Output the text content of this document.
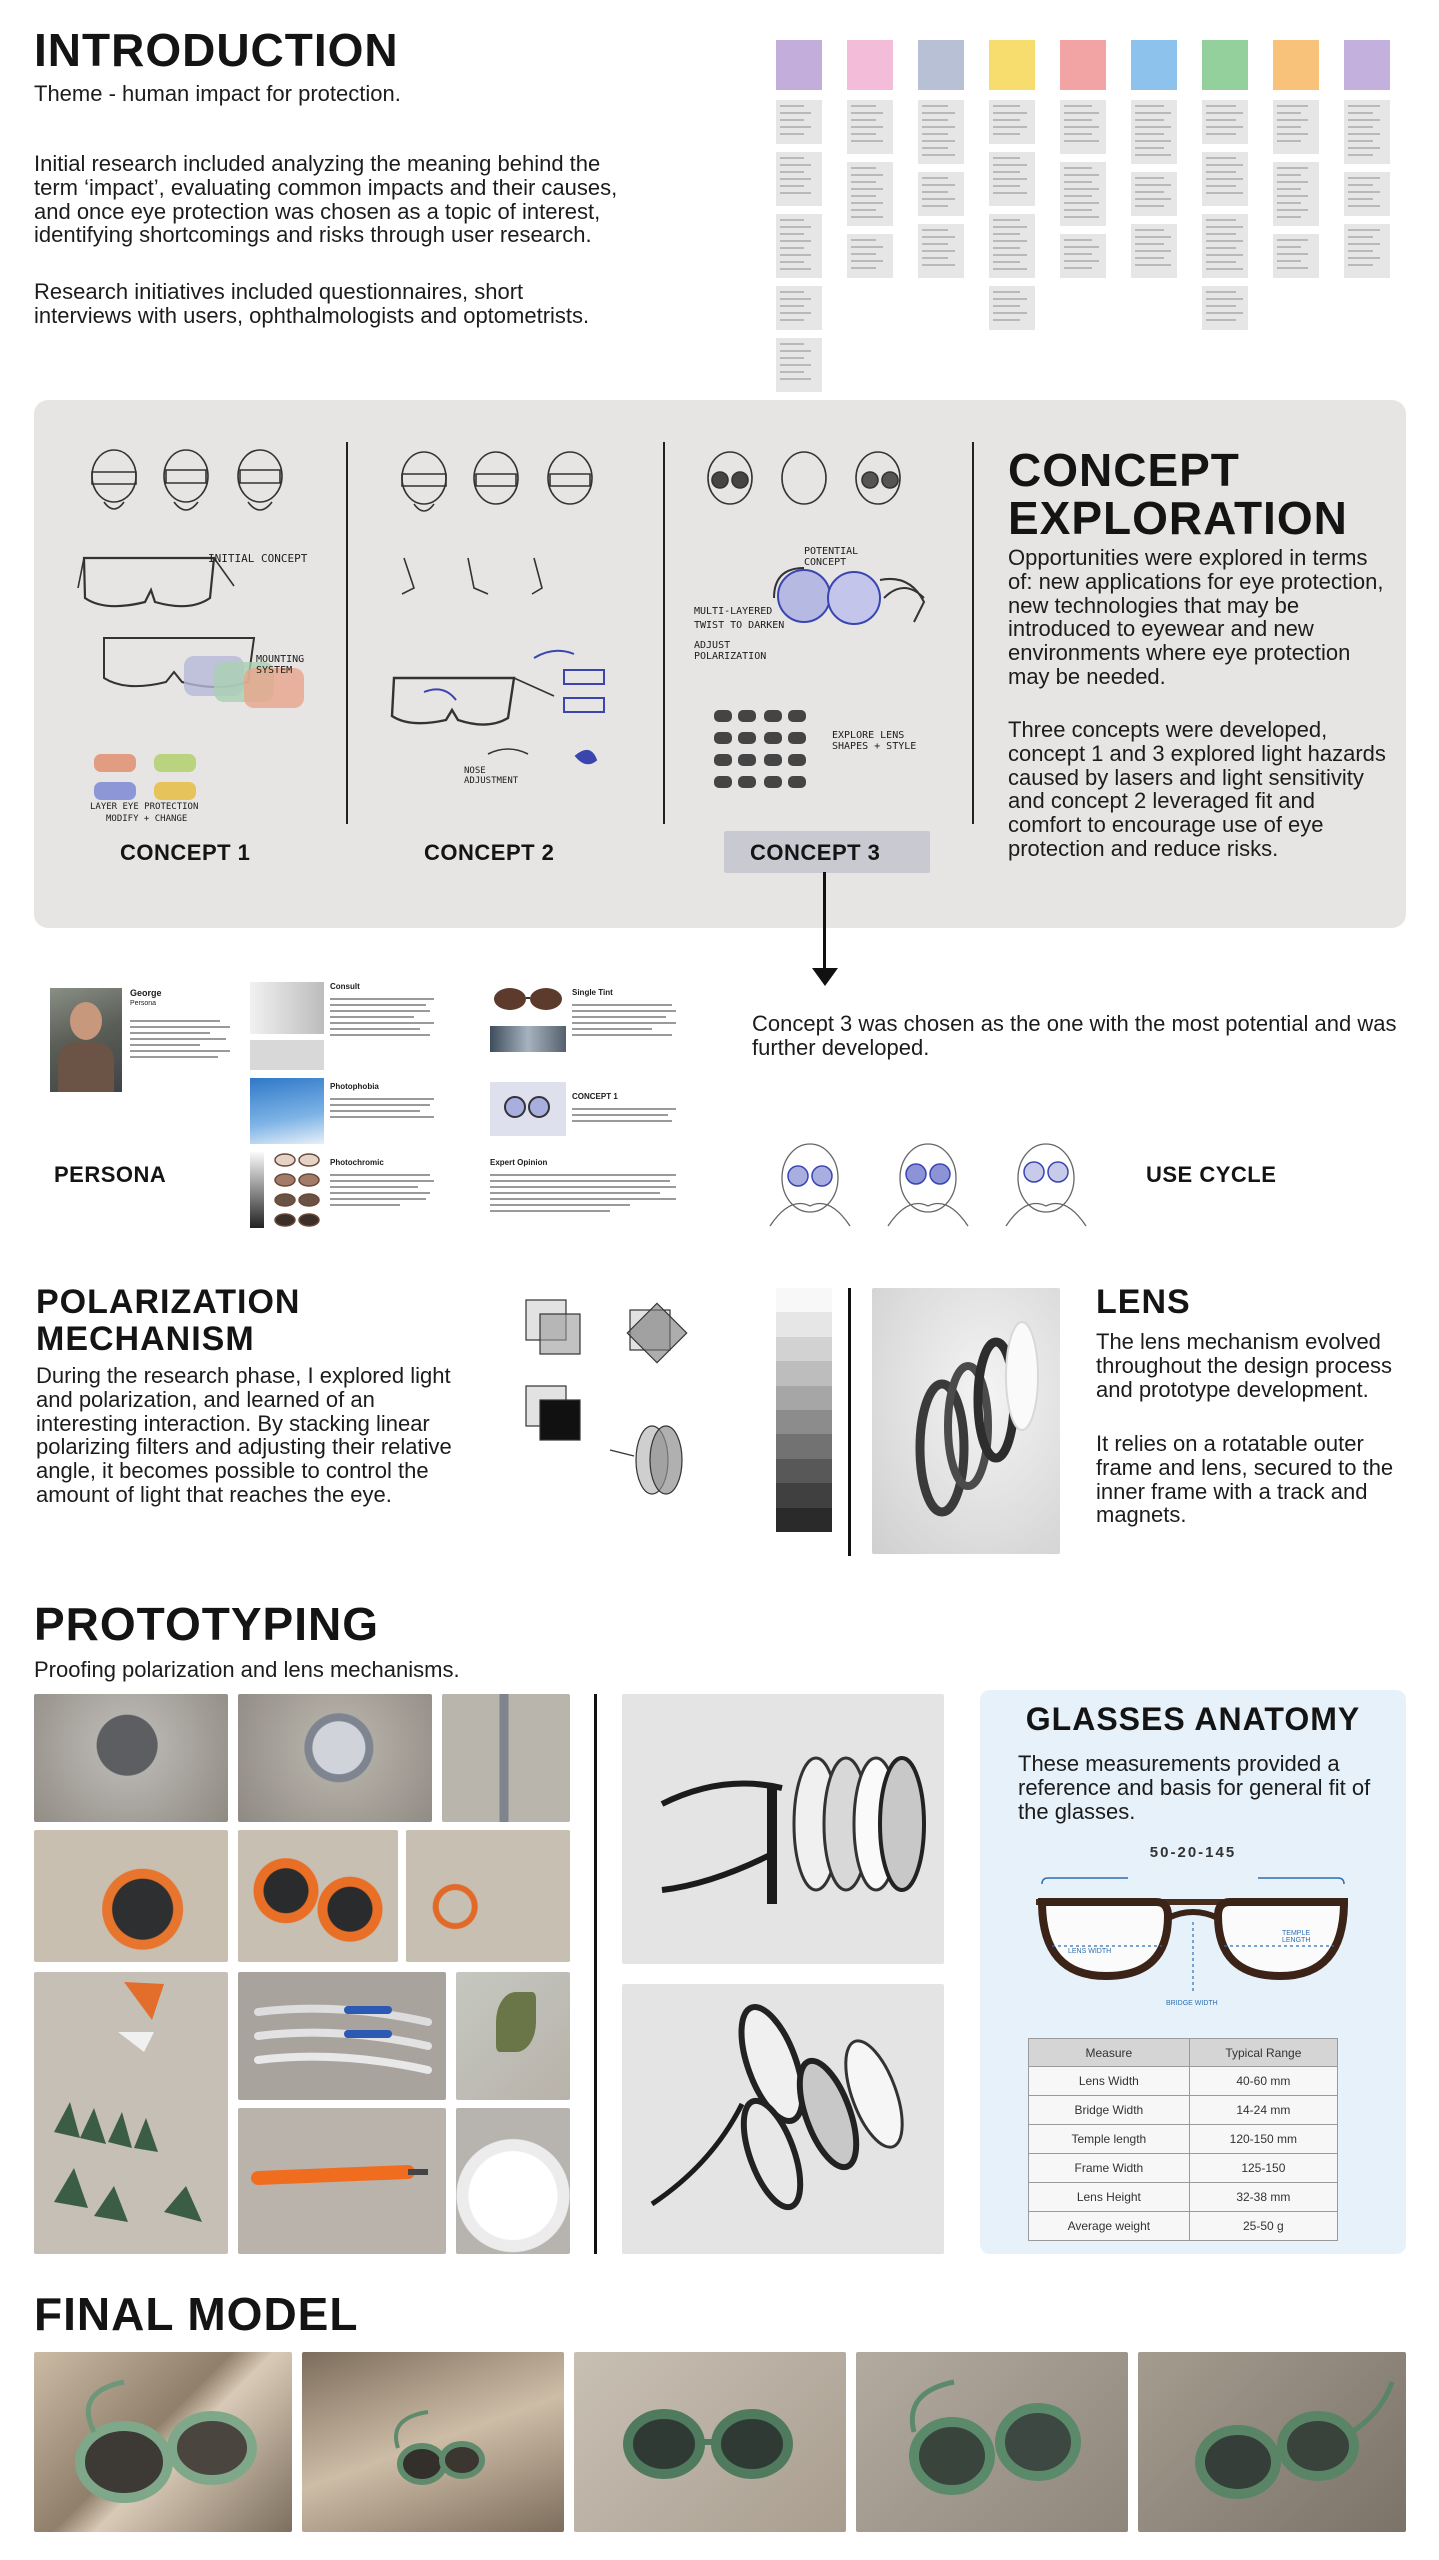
INTRODUCTION
Theme - human impact for protection.
Initial research included analyzing the meaning behind the term ‘impact’, evaluating common impacts and their causes, and once eye protection was chosen as a topic of interest, identifying shortcomings and risks through user research.
Research initiatives included questionnaires, short interviews with users, ophthalmologists and optometrists.
INITIAL CONCEPT
MOUNTING SYSTEM
LAYER EYE PROTECTION
MODIFY + CHANGE
NOSE ADJUSTMENT
POTENTIAL CONCEPT
MULTI-LAYERED
TWIST TO DARKEN
ADJUST POLARIZATION
EXPLORE LENS SHAPES + STYLE
CONCEPT 1	CONCEPT 2	CONCEPT 3
CONCEPT EXPLORATION
Opportunities were explored in terms of: new applications for eye protection, new technologies that may be introduced to eyewear and new environments where eye protection may be needed.
Three concepts were developed, concept 1 and 3 explored light hazards caused by lasers and light sensitivity and concept 2 leveraged fit and comfort to encourage use of eye protection and reduce risks.
George
Persona
Consult
Photophobia
Photochromic
Single Tint
CONCEPT 1
Expert Opinion
PERSONA
Concept 3 was chosen as the one with the most potential and was further developed.
USE CYCLE
POLARIZATION MECHANISM
During the research phase, I explored light and polarization, and learned of an interesting interaction. By stacking linear polarizing filters and adjusting their relative angle, it becomes possible to control the amount of light that reaches the eye.
LENS
The lens mechanism evolved throughout the design process and prototype development.
It relies on a rotatable outer frame and lens, secured to the inner frame with a track and magnets.
PROTOTYPING
Proofing polarization and lens mechanisms.
GLASSES ANATOMY
These measurements provided a reference and basis for general fit of the glasses.
50-20-145
LENS WIDTH
TEMPLE LENGTH
BRIDGE WIDTH
Measure	Typical Range
Lens Width	40-60 mm
Bridge Width	14-24 mm
Temple length	120-150 mm
Frame Width	125-150
Lens Height	32-38 mm
Average weight	25-50 g
FINAL MODEL
